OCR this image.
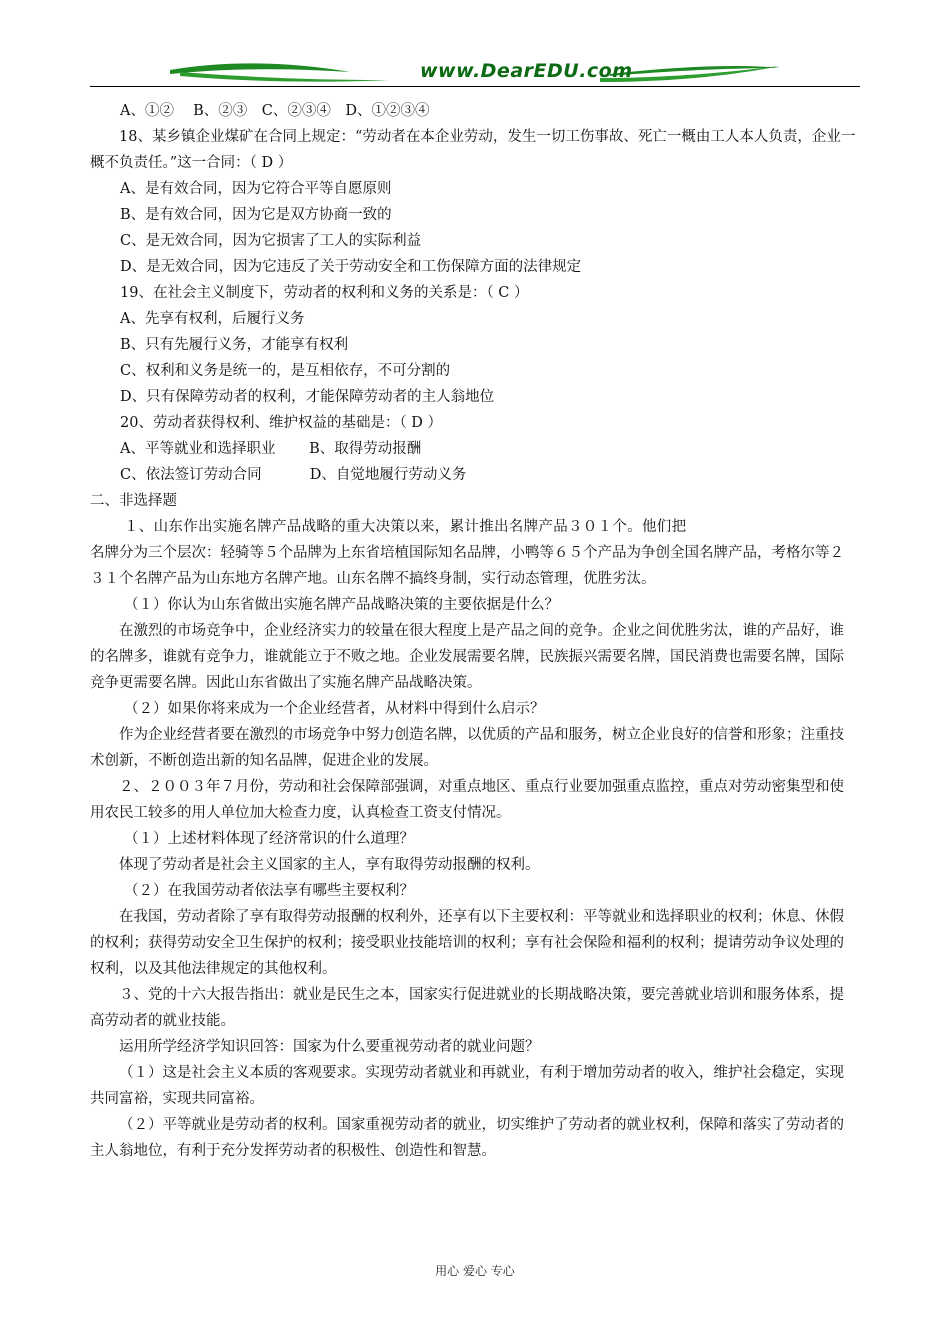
www.DearEDU.com

A、①②　 B、②③　C、②③④　D、①②③④

18、某乡镇企业煤矿在合同上规定：“劳动者在本企业劳动，发生一切工伤事故、死亡一概由工人本人负责，企业一概不负责任。”这一合同：（ D ）

A、是有效合同，因为它符合平等自愿原则

B、是有效合同，因为它是双方协商一致的

C、是无效合同，因为它损害了工人的实际利益

D、是无效合同，因为它违反了关于劳动安全和工伤保障方面的法律规定

19、在社会主义制度下，劳动者的权利和义务的关系是：（ C ）

A、先享有权利，后履行义务

B、只有先履行义务，才能享有权利

C、权利和义务是统一的，是互相依存，不可分割的

D、只有保障劳动者的权利，才能保障劳动者的主人翁地位

20、劳动者获得权利、维护权益的基础是：（ D ）

A、平等就业和选择职业　　 B、取得劳动报酬

C、依法签订劳动合同　　　 D、自觉地履行劳动义务

二、非选择题

１、山东作出实施名牌产品战略的重大决策以来，累计推出名牌产品３０１个。他们把

名牌分为三个层次：轻骑等５个品牌为上东省培植国际知名品牌，小鸭等６５个产品为争创全国名牌产品，考格尔等２３１个名牌产品为山东地方名牌产地。山东名牌不搞终身制，实行动态管理，优胜劣汰。

（１）你认为山东省做出实施名牌产品战略决策的主要依据是什么？

在激烈的市场竞争中，企业经济实力的较量在很大程度上是产品之间的竞争。企业之间优胜劣汰，谁的产品好，谁的名牌多，谁就有竞争力，谁就能立于不败之地。企业发展需要名牌，民族振兴需要名牌，国民消费也需要名牌，国际竞争更需要名牌。因此山东省做出了实施名牌产品战略决策。

（２）如果你将来成为一个企业经营者，从材料中得到什么启示？

作为企业经营者要在激烈的市场竞争中努力创造名牌，以优质的产品和服务，树立企业良好的信誉和形象；注重技术创新，不断创造出新的知名品牌，促进企业的发展。

２、２００３年７月份，劳动和社会保障部强调，对重点地区、重点行业要加强重点监控，重点对劳动密集型和使用农民工较多的用人单位加大检查力度，认真检查工资支付情况。

（１）上述材料体现了经济常识的什么道理？

体现了劳动者是社会主义国家的主人，享有取得劳动报酬的权利。

（２）在我国劳动者依法享有哪些主要权利？

在我国，劳动者除了享有取得劳动报酬的权利外，还享有以下主要权利：平等就业和选择职业的权利；休息、休假的权利；获得劳动安全卫生保护的权利；接受职业技能培训的权利；享有社会保险和福利的权利；提请劳动争议处理的权利，以及其他法律规定的其他权利。

３、党的十六大报告指出：就业是民生之本，国家实行促进就业的长期战略决策，要完善就业培训和服务体系，提高劳动者的就业技能。

运用所学经济学知识回答：国家为什么要重视劳动者的就业问题？

（１）这是社会主义本质的客观要求。实现劳动者就业和再就业，有利于增加劳动者的收入，维护社会稳定，实现共同富裕，实现共同富裕。

（２）平等就业是劳动者的权利。国家重视劳动者的就业，切实维护了劳动者的就业权利，保障和落实了劳动者的主人翁地位，有利于充分发挥劳动者的积极性、创造性和智慧。

用心 爱心 专心
